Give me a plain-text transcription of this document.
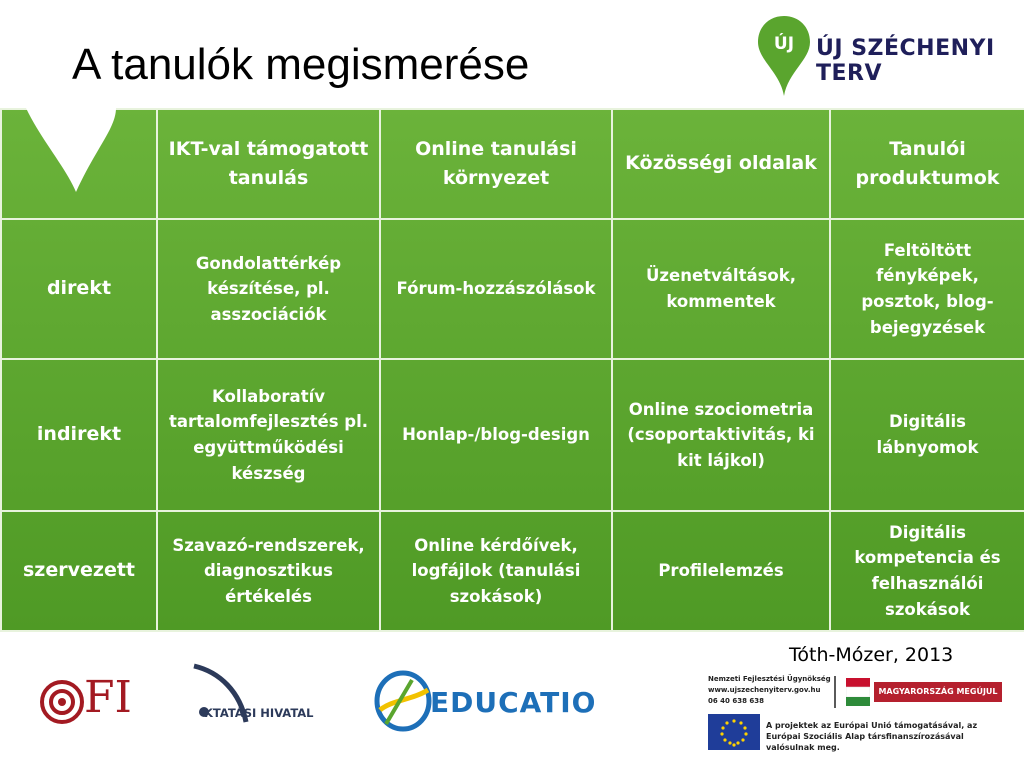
A tanulók megismerése	ÚJ ÚJ SZÉCHENYI TERV
	IKT-val támogatott tanulás	Online tanulási környezet	Közösségi oldalak	Tanulói produktumok
direkt	Gondolattérkép készítése, pl. asszociációk	Fórum-hozzászólások	Üzenetváltások, kommentek	Feltöltött fényképek, posztok, blog-bejegyzések
indirekt	Kollaboratív tartalomfejlesztés pl. együttműködési készség	Honlap-/blog-design	Online szociometria (csoportaktivitás, ki kit lájkol)	Digitális lábnyomok
szervezett	Szavazó-rendszerek, diagnosztikus értékelés	Online kérdőívek, logfájlok (tanulási szokások)	Profilelemzés	Digitális kompetencia és felhasználói szokások
Tóth-Mózer, 2013
FI	KTATÁSI HIVATAL	EDUCATIO
Nemzeti Fejlesztési Ügynökség
www.ujszechenyiterv.gov.hu
06 40 638 638
MAGYARORSZÁG MEGÚJUL
A projektek az Európai Unió támogatásával, az Európai Szociális Alap társfinanszírozásával valósulnak meg.
